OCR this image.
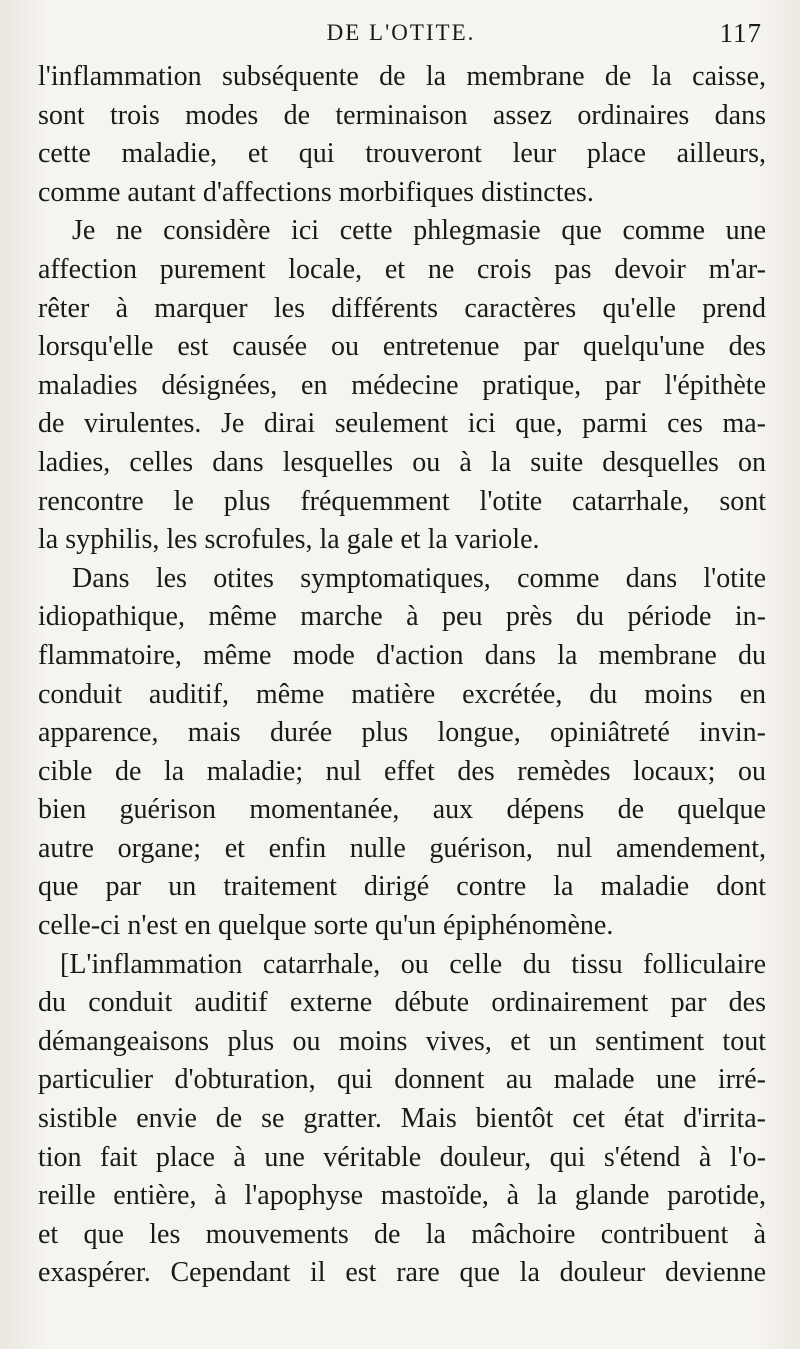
DE L'OTITE.	117
l'inflammation subséquente de la membrane de la caisse,
sont trois modes de terminaison assez ordinaires dans
cette maladie, et qui trouveront leur place ailleurs,
comme autant d'affections morbifiques distinctes.
Je ne considère ici cette phlegmasie que comme une
affection purement locale, et ne crois pas devoir m'ar-
rêter à marquer les différents caractères qu'elle prend
lorsqu'elle est causée ou entretenue par quelqu'une des
maladies désignées, en médecine pratique, par l'épithète
de virulentes. Je dirai seulement ici que, parmi ces ma-
ladies, celles dans lesquelles ou à la suite desquelles on
rencontre le plus fréquemment l'otite catarrhale, sont
la syphilis, les scrofules, la gale et la variole.
Dans les otites symptomatiques, comme dans l'otite
idiopathique, même marche à peu près du période in-
flammatoire, même mode d'action dans la membrane du
conduit auditif, même matière excrétée, du moins en
apparence, mais durée plus longue, opiniâtreté invin-
cible de la maladie; nul effet des remèdes locaux; ou
bien guérison momentanée, aux dépens de quelque
autre organe; et enfin nulle guérison, nul amendement,
que par un traitement dirigé contre la maladie dont
celle-ci n'est en quelque sorte qu'un épiphénomène.
[L'inflammation catarrhale, ou celle du tissu folliculaire
du conduit auditif externe débute ordinairement par des
démangeaisons plus ou moins vives, et un sentiment tout
particulier d'obturation, qui donnent au malade une irré-
sistible envie de se gratter. Mais bientôt cet état d'irrita-
tion fait place à une véritable douleur, qui s'étend à l'o-
reille entière, à l'apophyse mastoïde, à la glande parotide,
et que les mouvements de la mâchoire contribuent à
exaspérer. Cependant il est rare que la douleur devienne
